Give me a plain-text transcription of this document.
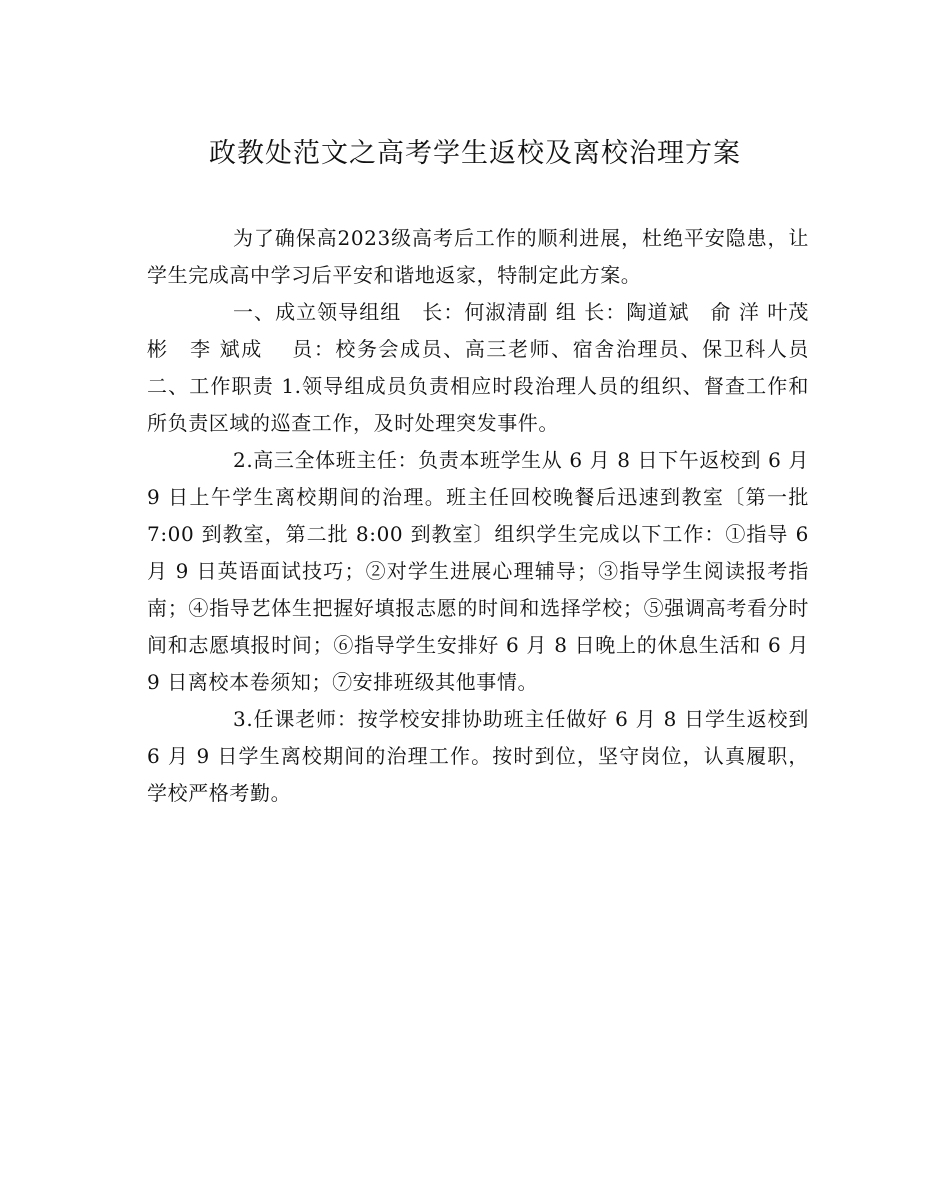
政教处范文之高考学生返校及离校治理方案

为了确保高2023级高考后工作的顺利进展，杜绝平安隐患，让学生完成高中学习后平安和谐地返家，特制定此方案。

一、成立领导组组　长：何淑清副 组 长：陶道斌　俞 洋 叶茂彬　李 斌成　 员：校务会成员、高三老师、宿舍治理员、保卫科人员二、工作职责 1.领导组成员负责相应时段治理人员的组织、督查工作和所负责区域的巡查工作，及时处理突发事件。

2.高三全体班主任：负责本班学生从 6 月 8 日下午返校到 6 月 9 日上午学生离校期间的治理。班主任回校晚餐后迅速到教室〔第一批 7:00 到教室，第二批 8:00 到教室〕组织学生完成以下工作：①指导 6 月 9 日英语面试技巧；②对学生进展心理辅导；③指导学生阅读报考指南；④指导艺体生把握好填报志愿的时间和选择学校；⑤强调高考看分时间和志愿填报时间；⑥指导学生安排好 6 月 8 日晚上的休息生活和 6 月 9 日离校本卷须知；⑦安排班级其他事情。

3.任课老师：按学校安排协助班主任做好 6 月 8 日学生返校到 6 月 9 日学生离校期间的治理工作。按时到位，坚守岗位，认真履职，学校严格考勤。
